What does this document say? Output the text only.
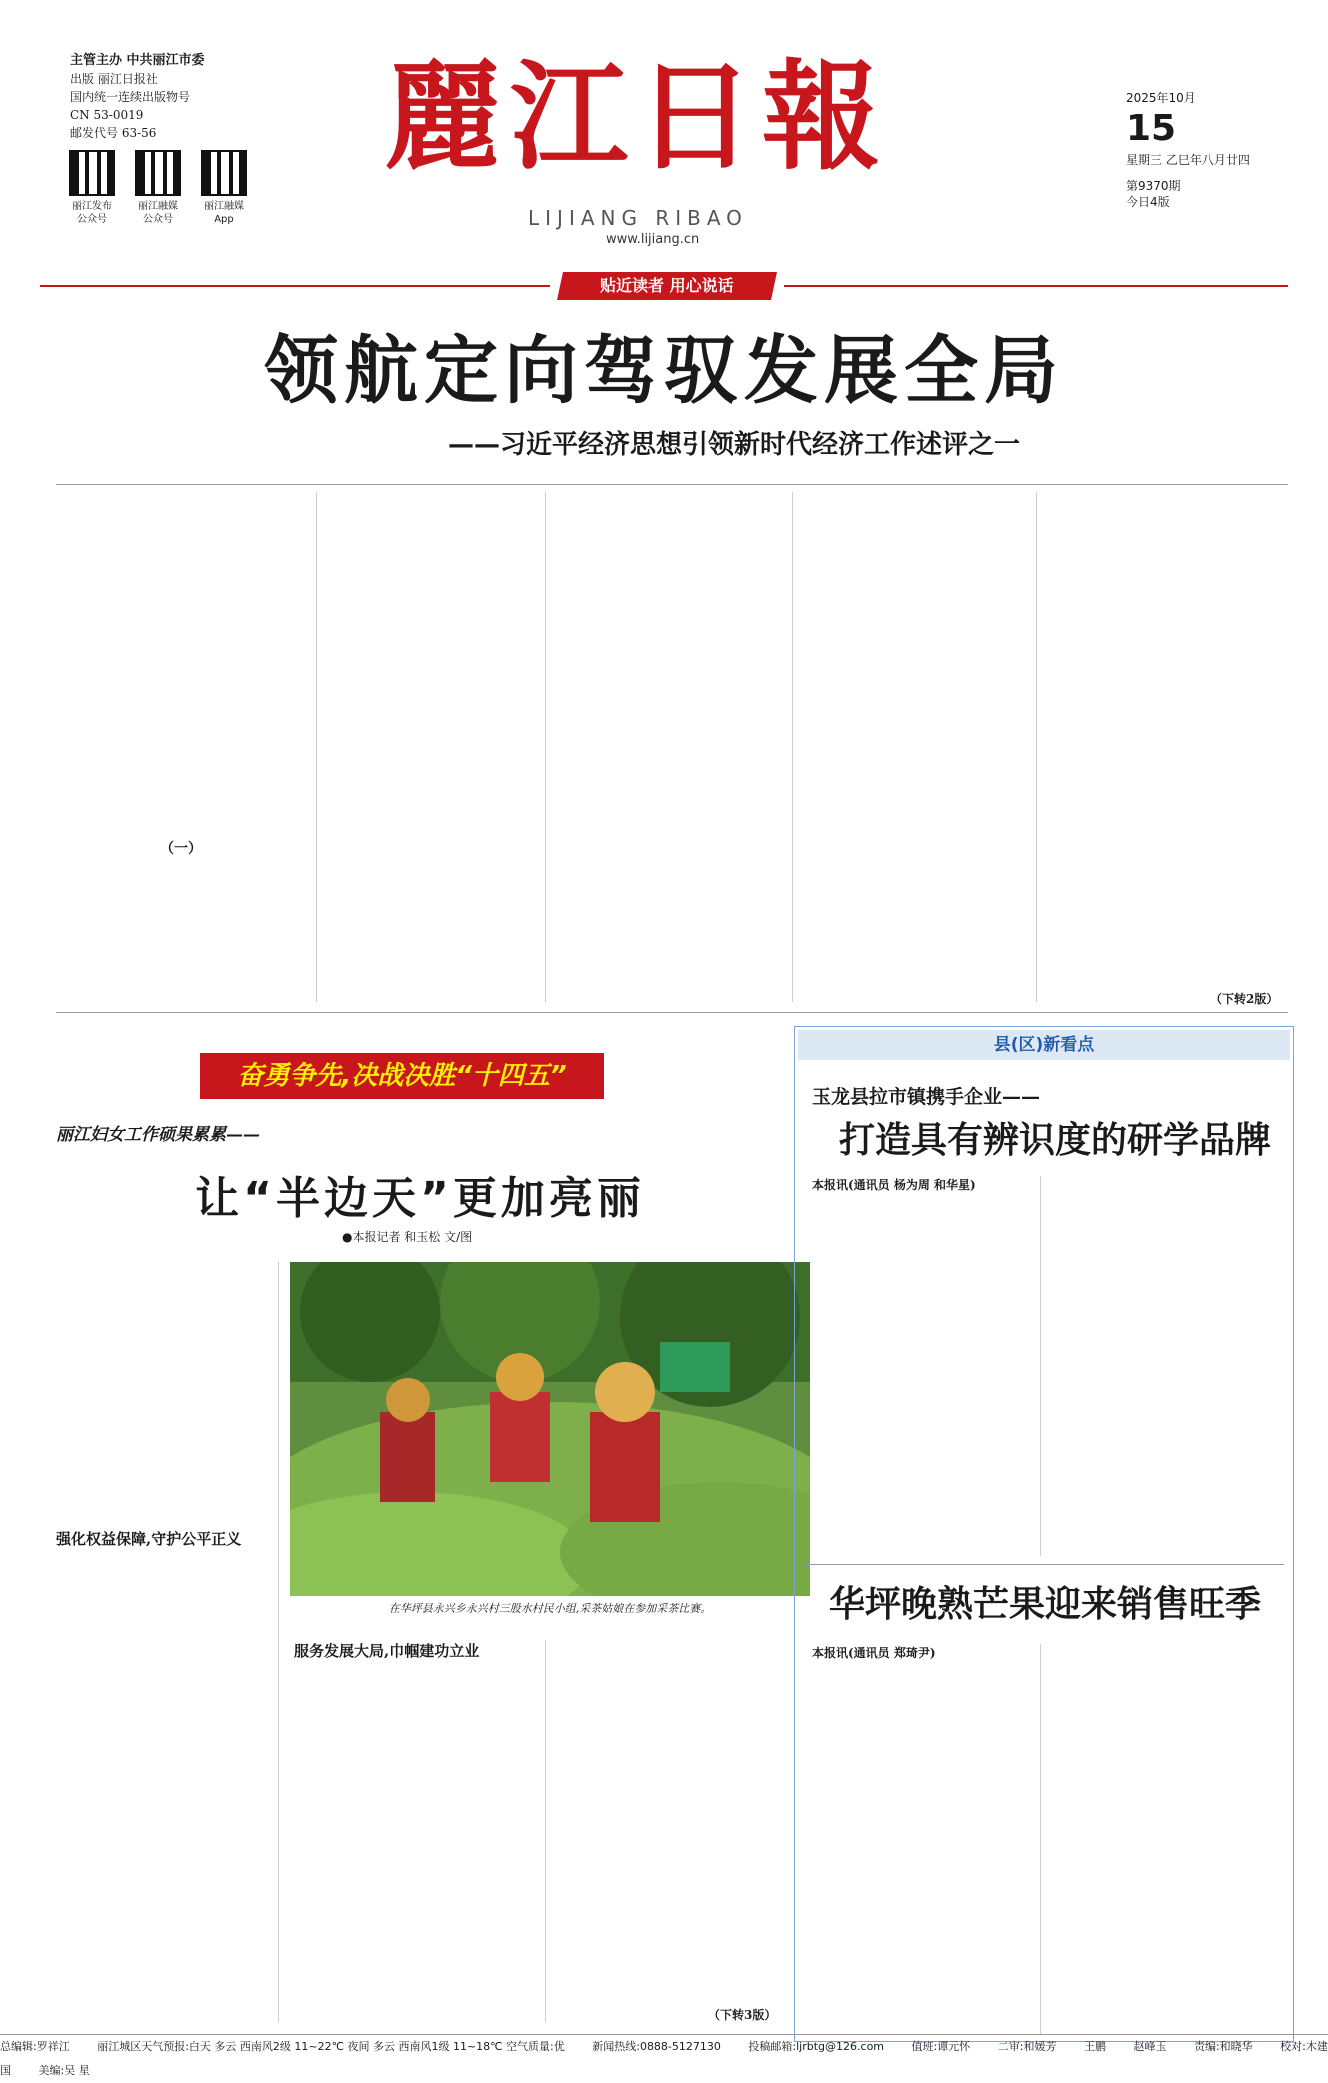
主管主办 中共丽江市委
出版 丽江日报社
国内统一连续出版物号
CN 53-0019
邮发代号 63-56
丽江发布
公众号
丽江融媒
公众号
丽江融媒
App
麗江日報
LIJIANG RIBAO
www.lijiang.cn
2025年10月
15
星期三 乙巳年八月廿四
第9370期
今日4版
贴近读者 用心说话
领航定向驾驭发展全局
——习近平经济思想引领新时代经济工作述评之一
（一）
（下转2版）
奋勇争先,决战决胜“十四五”
丽江妇女工作硕果累累——
让“半边天”更加亮丽
●本报记者 和玉松 文/图
在华坪县永兴乡永兴村三股水村民小组,采茶姑娘在参加采茶比赛。
强化权益保障,守护公平正义
服务发展大局,巾帼建功立业
（下转3版）
县(区)新看点
玉龙县拉市镇携手企业——
打造具有辨识度的研学品牌
本报讯(通讯员 杨为周 和华星)
华坪晚熟芒果迎来销售旺季
本报讯(通讯员 郑琦尹)
总编辑:罗祥江	丽江城区天气预报:白天 多云 西南风2级 11~22℃ 夜间 多云 西南风1级 11~18℃ 空气质量:优	新闻热线:0888-5127130	投稿邮箱:ljrbtg@126.com	值班:谭元怀	二审:和媛芳	王鹏	赵峰玉	责编:和晓华	校对:木建国	美编:吴 星
